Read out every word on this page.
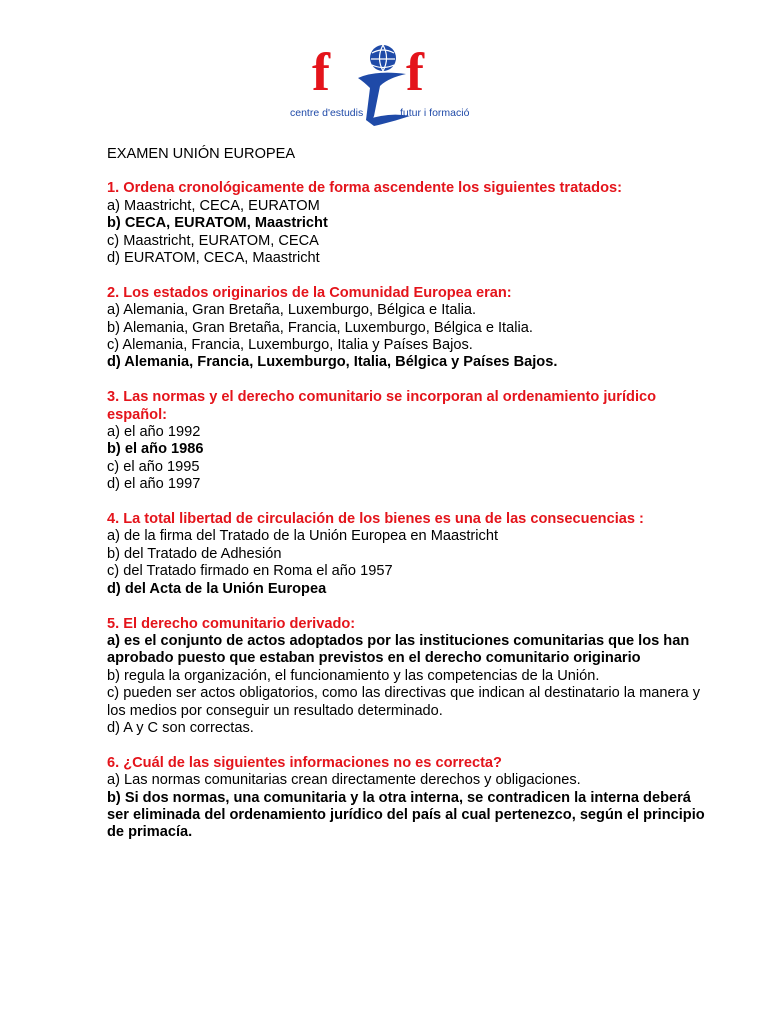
f f
centre d'estudis	futur i formació
EXAMEN UNIÓN EUROPEA
1. Ordena cronológicamente de forma ascendente los siguientes tratados:
a) Maastricht, CECA, EURATOM
b) CECA, EURATOM, Maastricht
c) Maastricht, EURATOM, CECA
d) EURATOM, CECA, Maastricht
2. Los estados originarios de la Comunidad Europea eran:
a) Alemania, Gran Bretaña, Luxemburgo, Bélgica e Italia.
b) Alemania, Gran Bretaña, Francia, Luxemburgo, Bélgica e Italia.
c) Alemania, Francia, Luxemburgo, Italia y Países Bajos.
d) Alemania, Francia, Luxemburgo, Italia, Bélgica y Países Bajos.
3. Las normas y el derecho comunitario se incorporan al ordenamiento jurídico español:
a) el año 1992
b) el año 1986
c) el año 1995
d) el año 1997
4. La total libertad de circulación de los bienes es una de las consecuencias :
a) de la firma del Tratado de la Unión Europea en Maastricht
b) del Tratado de Adhesión
c) del Tratado firmado en Roma el año 1957
d) del Acta de la Unión Europea
5. El derecho comunitario derivado:
a) es el conjunto de actos adoptados por las instituciones comunitarias que los han aprobado puesto que estaban previstos en el derecho comunitario originario
b) regula la organización, el funcionamiento y las competencias de la Unión.
c) pueden ser actos obligatorios, como las directivas que indican al destinatario la manera y los medios por conseguir un resultado determinado.
d) A y C son correctas.
6. ¿Cuál de las siguientes informaciones no es correcta?
a) Las normas comunitarias crean directamente derechos y obligaciones.
b) Si dos normas, una comunitaria y la otra interna, se contradicen la interna deberá ser eliminada del ordenamiento jurídico del país al cual pertenezco, según el principio de primacía.
